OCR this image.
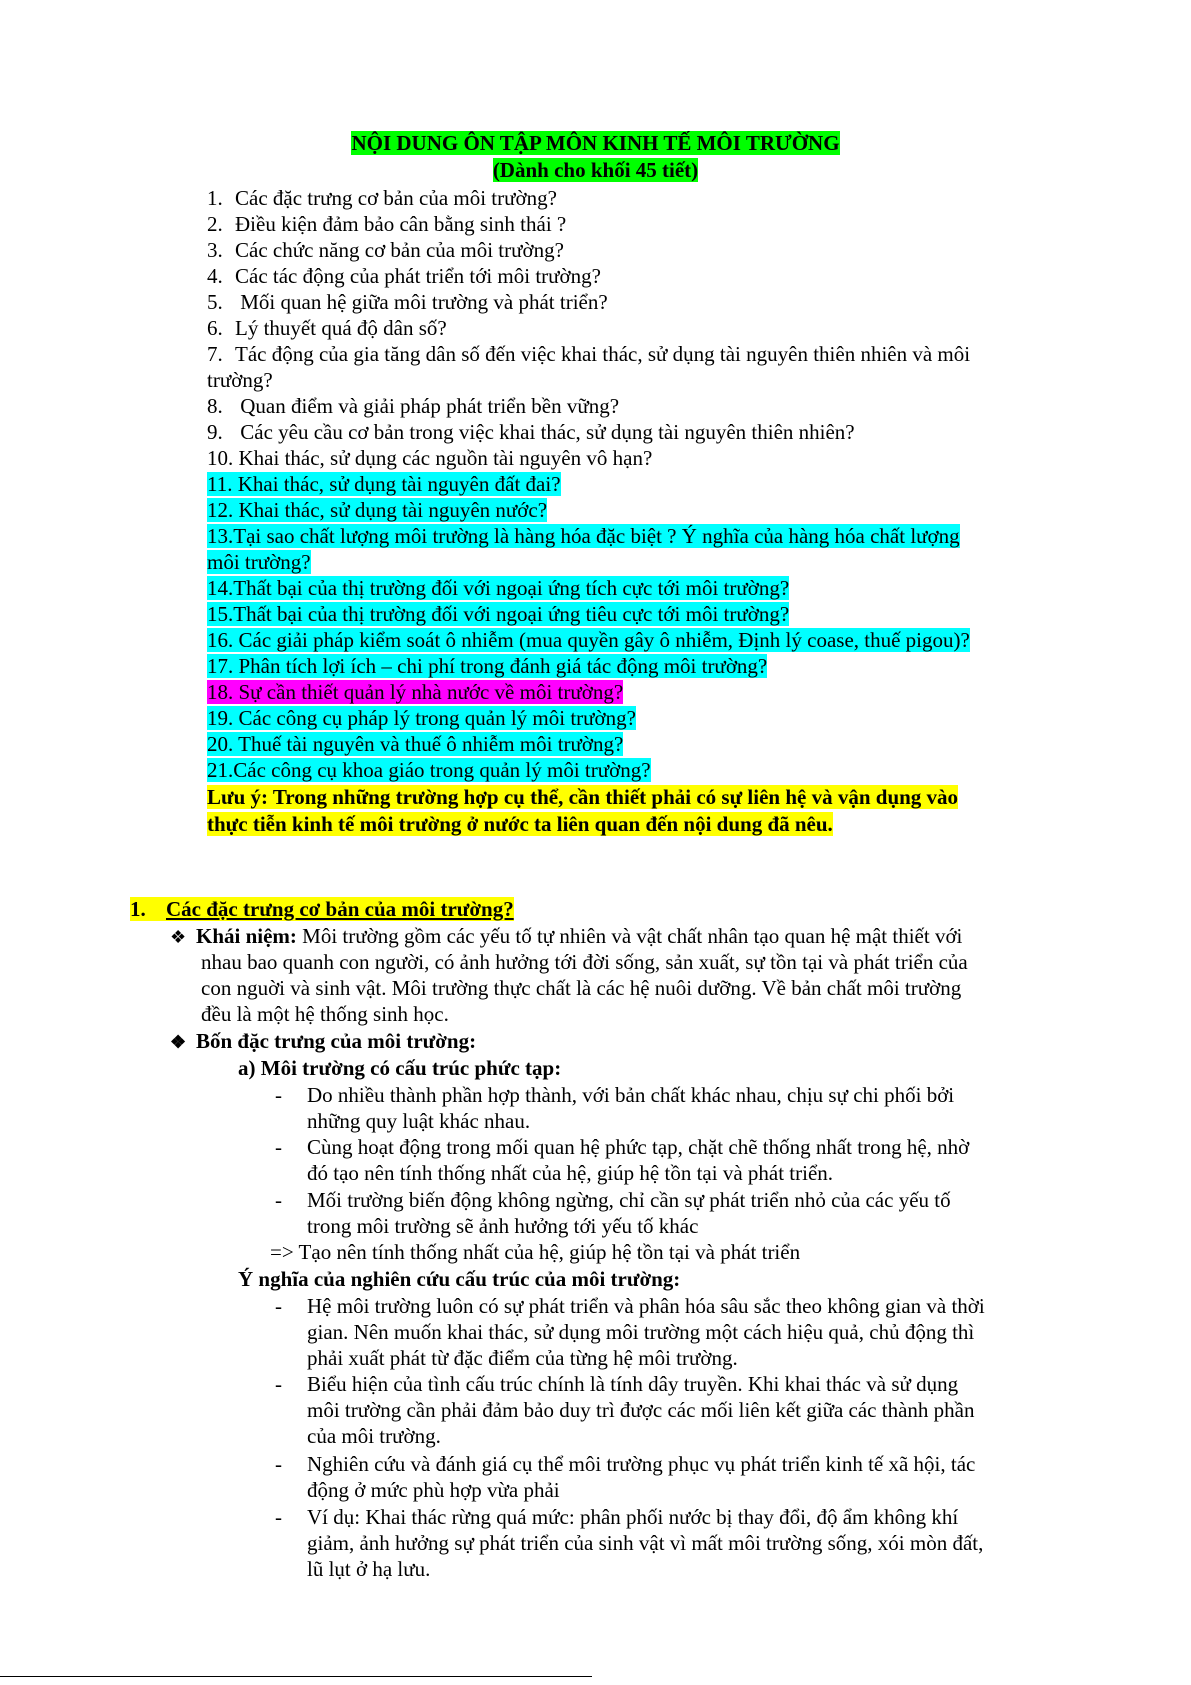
NỘI DUNG ÔN TẬP MÔN KINH TẾ MÔI TRƯỜNG
(Dành cho khối 45 tiết)
1. Các đặc trưng cơ bản của môi trường?
2. Điều kiện đảm bảo cân bằng sinh thái ?
3. Các chức năng cơ bản của môi trường?
4. Các tác động của phát triển tới môi trường?
5. Mối quan hệ giữa môi trường và phát triển?
6. Lý thuyết quá độ dân số?
7. Tác động của gia tăng dân số đến việc khai thác, sử dụng tài nguyên thiên nhiên và môi
trường?
8. Quan điểm và giải pháp phát triển bền vững?
9. Các yêu cầu cơ bản trong việc khai thác, sử dụng tài nguyên thiên nhiên?
10. Khai thác, sử dụng các nguồn tài nguyên vô hạn?
11. Khai thác, sử dụng tài nguyên đất đai?
12. Khai thác, sử dụng tài nguyên nước?
13.Tại sao chất lượng môi trường là hàng hóa đặc biệt ? Ý nghĩa của hàng hóa chất lượng
môi trường?
14.Thất bại của thị trường đối với ngoại ứng tích cực tới môi trường?
15.Thất bại của thị trường đối với ngoại ứng tiêu cực tới môi trường?
16. Các giải pháp kiểm soát ô nhiễm (mua quyền gây ô nhiễm, Định lý coase, thuế pigou)?
17. Phân tích lợi ích – chi phí trong đánh giá tác động môi trường?
18. Sự cần thiết quản lý nhà nước về môi trường?
19. Các công cụ pháp lý trong quản lý môi trường?
20. Thuế tài nguyên và thuế ô nhiễm môi trường?
21.Các công cụ khoa giáo trong quản lý môi trường?
Lưu ý: Trong những trường hợp cụ thể, cần thiết phải có sự liên hệ và vận dụng vào
thực tiễn kinh tế môi trường ở nước ta liên quan đến nội dung đã nêu.
1. Các đặc trưng cơ bản của môi trường?
❖ Khái niệm: Môi trường gồm các yếu tố tự nhiên và vật chất nhân tạo quan hệ mật thiết với
nhau bao quanh con người, có ảnh hưởng tới đời sống, sản xuất, sự tồn tại và phát triển của
con nguời và sinh vật. Môi trường thực chất là các hệ nuôi dưỡng. Về bản chất môi trường
đều là một hệ thống sinh học.
❖ Bốn đặc trưng của môi trường:
a) Môi trường có cấu trúc phức tạp:
- Do nhiều thành phần hợp thành, với bản chất khác nhau, chịu sự chi phối bởi
những quy luật khác nhau.
- Cùng hoạt động trong mối quan hệ phức tạp, chặt chẽ thống nhất trong hệ, nhờ
đó tạo nên tính thống nhất của hệ, giúp hệ tồn tại và phát triển.
- Mối trường biến động không ngừng, chỉ cần sự phát triển nhỏ của các yếu tố
trong môi trường sẽ ảnh hưởng tới yếu tố khác
=> Tạo nên tính thống nhất của hệ, giúp hệ tồn tại và phát triển
Ý nghĩa của nghiên cứu cấu trúc của môi trường:
- Hệ môi trường luôn có sự phát triển và phân hóa sâu sắc theo không gian và thời
gian. Nên muốn khai thác, sử dụng môi trường một cách hiệu quả, chủ động thì
phải xuất phát từ đặc điểm của từng hệ môi trường.
- Biểu hiện của tình cấu trúc chính là tính dây truyền. Khi khai thác và sử dụng
môi trường cần phải đảm bảo duy trì được các mối liên kết giữa các thành phần
của môi trường.
- Nghiên cứu và đánh giá cụ thể môi trường phục vụ phát triển kinh tế xã hội, tác
động ở mức phù hợp vừa phải
- Ví dụ: Khai thác rừng quá mức: phân phối nước bị thay đổi, độ ẩm không khí
giảm, ảnh hưởng sự phát triển của sinh vật vì mất môi trường sống, xói mòn đất,
lũ lụt ở hạ lưu.
